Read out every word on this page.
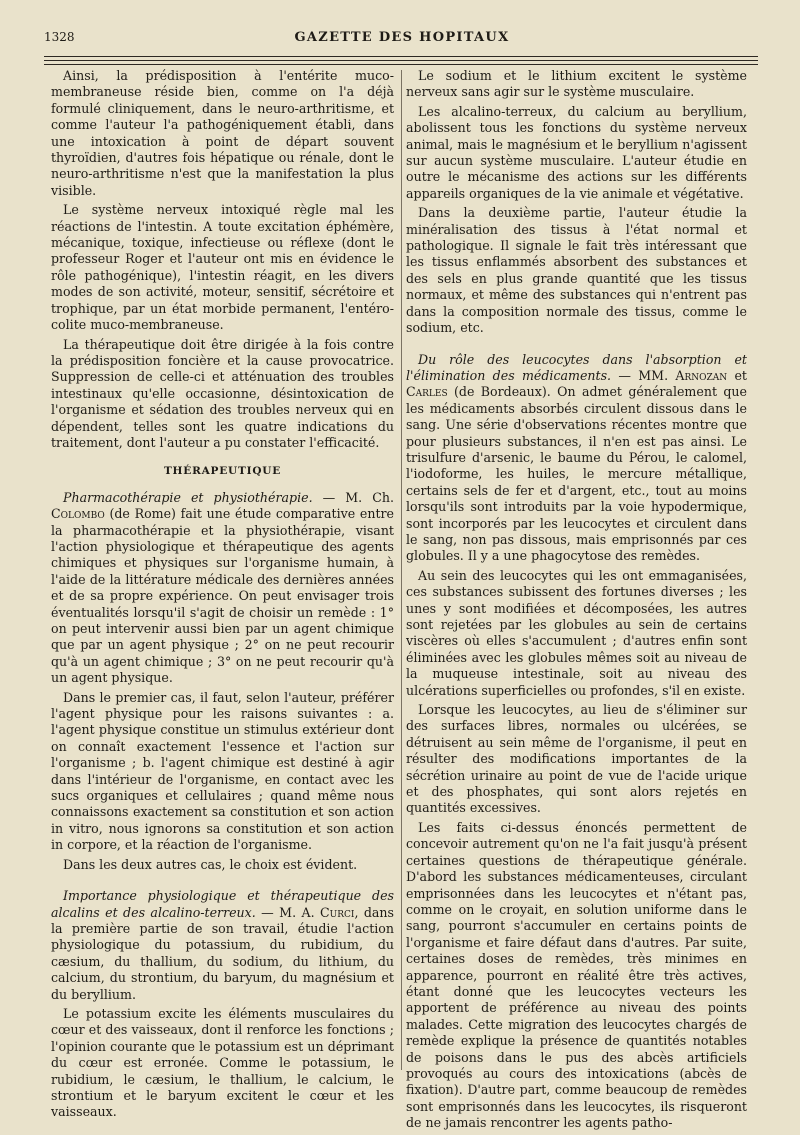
1328	GAZETTE DES HOPITAUX

Ainsi, la prédisposition à l'entérite muco-membraneuse réside bien, comme on l'a déjà formulé cliniquement, dans le neuro-arthritisme, et comme l'auteur l'a pathogéniquement établi, dans une intoxication à point de départ souvent thyroïdien, d'autres fois hépatique ou rénale, dont le neuro-arthritisme n'est que la manifestation la plus visible.

Le système nerveux intoxiqué règle mal les réactions de l'intestin. A toute excitation éphémère, mécanique, toxique, infectieuse ou réflexe (dont le professeur Roger et l'auteur ont mis en évidence le rôle pathogénique), l'intestin réagit, en les divers modes de son activité, moteur, sensitif, sécrétoire et trophique, par un état morbide permanent, l'entéro-colite muco-membraneuse.

La thérapeutique doit être dirigée à la fois contre la prédisposition foncière et la cause provocatrice. Suppression de celle-ci et atténuation des troubles intestinaux qu'elle occasionne, désintoxication de l'organisme et sédation des troubles nerveux qui en dépendent, telles sont les quatre indications du traitement, dont l'auteur a pu constater l'efficacité.

THÉRAPEUTIQUE

Pharmacothérapie et physiothérapie. — M. Ch. Colombo (de Rome) fait une étude comparative entre la pharmacothérapie et la physiothérapie, visant l'action physiologique et thérapeutique des agents chimiques et physiques sur l'organisme humain, à l'aide de la littérature médicale des dernières années et de sa propre expérience. On peut envisager trois éventualités lorsqu'il s'agit de choisir un remède : 1° on peut intervenir aussi bien par un agent chimique que par un agent physique ; 2° on ne peut recourir qu'à un agent chimique ; 3° on ne peut recourir qu'à un agent physique.

Dans le premier cas, il faut, selon l'auteur, préférer l'agent physique pour les raisons suivantes : a. l'agent physique constitue un stimulus extérieur dont on connaît exactement l'essence et l'action sur l'organisme ; b. l'agent chimique est destiné à agir dans l'intérieur de l'organisme, en contact avec les sucs organiques et cellulaires ; quand même nous connaissons exactement sa constitution et son action in vitro, nous ignorons sa constitution et son action in corpore, et la réaction de l'organisme.

Dans les deux autres cas, le choix est évident.

Importance physiologique et thérapeutique des alcalins et des alcalino-terreux. — M. A. Curci, dans la première partie de son travail, étudie l'action physiologique du potassium, du rubidium, du cæsium, du thallium, du sodium, du lithium, du calcium, du strontium, du baryum, du magnésium et du beryllium.

Le potassium excite les éléments musculaires du cœur et des vaisseaux, dont il renforce les fonctions ; l'opinion courante que le potassium est un déprimant du cœur est erronée. Comme le potassium, le rubidium, le cæsium, le thallium, le calcium, le strontium et le baryum excitent le cœur et les vaisseaux.

Le sodium et le lithium excitent le système nerveux sans agir sur le système musculaire.

Les alcalino-terreux, du calcium au beryllium, abolissent tous les fonctions du système nerveux animal, mais le magnésium et le beryllium n'agissent sur aucun système musculaire. L'auteur étudie en outre le mécanisme des actions sur les différents appareils organiques de la vie animale et végétative.

Dans la deuxième partie, l'auteur étudie la minéralisation des tissus à l'état normal et pathologique. Il signale le fait très intéressant que les tissus enflammés absorbent des substances et des sels en plus grande quantité que les tissus normaux, et même des substances qui n'entrent pas dans la composition normale des tissus, comme le sodium, etc.

Du rôle des leucocytes dans l'absorption et l'élimination des médicaments. — MM. Arnozan et Carles (de Bordeaux). On admet généralement que les médicaments absorbés circulent dissous dans le sang. Une série d'observations récentes montre que pour plusieurs substances, il n'en est pas ainsi. Le trisulfure d'arsenic, le baume du Pérou, le calomel, l'iodoforme, les huiles, le mercure métallique, certains sels de fer et d'argent, etc., tout au moins lorsqu'ils sont introduits par la voie hypodermique, sont incorporés par les leucocytes et circulent dans le sang, non pas dissous, mais emprisonnés par ces globules. Il y a une phagocytose des remèdes.

Au sein des leucocytes qui les ont emmaganisées, ces substances subissent des fortunes diverses ; les unes y sont modifiées et décomposées, les autres sont rejetées par les globules au sein de certains viscères où elles s'accumulent ; d'autres enfin sont éliminées avec les globules mêmes soit au niveau de la muqueuse intestinale, soit au niveau des ulcérations superficielles ou profondes, s'il en existe.

Lorsque les leucocytes, au lieu de s'éliminer sur des surfaces libres, normales ou ulcérées, se détruisent au sein même de l'organisme, il peut en résulter des modifications importantes de la sécrétion urinaire au point de vue de l'acide urique et des phosphates, qui sont alors rejetés en quantités excessives.

Les faits ci-dessus énoncés permettent de concevoir autrement qu'on ne l'a fait jusqu'à présent certaines questions de thérapeutique générale. D'abord les substances médicamenteuses, circulant emprisonnées dans les leucocytes et n'étant pas, comme on le croyait, en solution uniforme dans le sang, pourront s'accumuler en certains points de l'organisme et faire défaut dans d'autres. Par suite, certaines doses de remèdes, très minimes en apparence, pourront en réalité être très actives, étant donné que les leucocytes vecteurs les apportent de préférence au niveau des points malades. Cette migration des leucocytes chargés de remède explique la présence de quantités notables de poisons dans le pus des abcès artificiels provoqués au cours des intoxications (abcès de fixation). D'autre part, comme beaucoup de remèdes sont emprisonnés dans les leucocytes, ils risqueront de ne jamais rencontrer les agents patho-
